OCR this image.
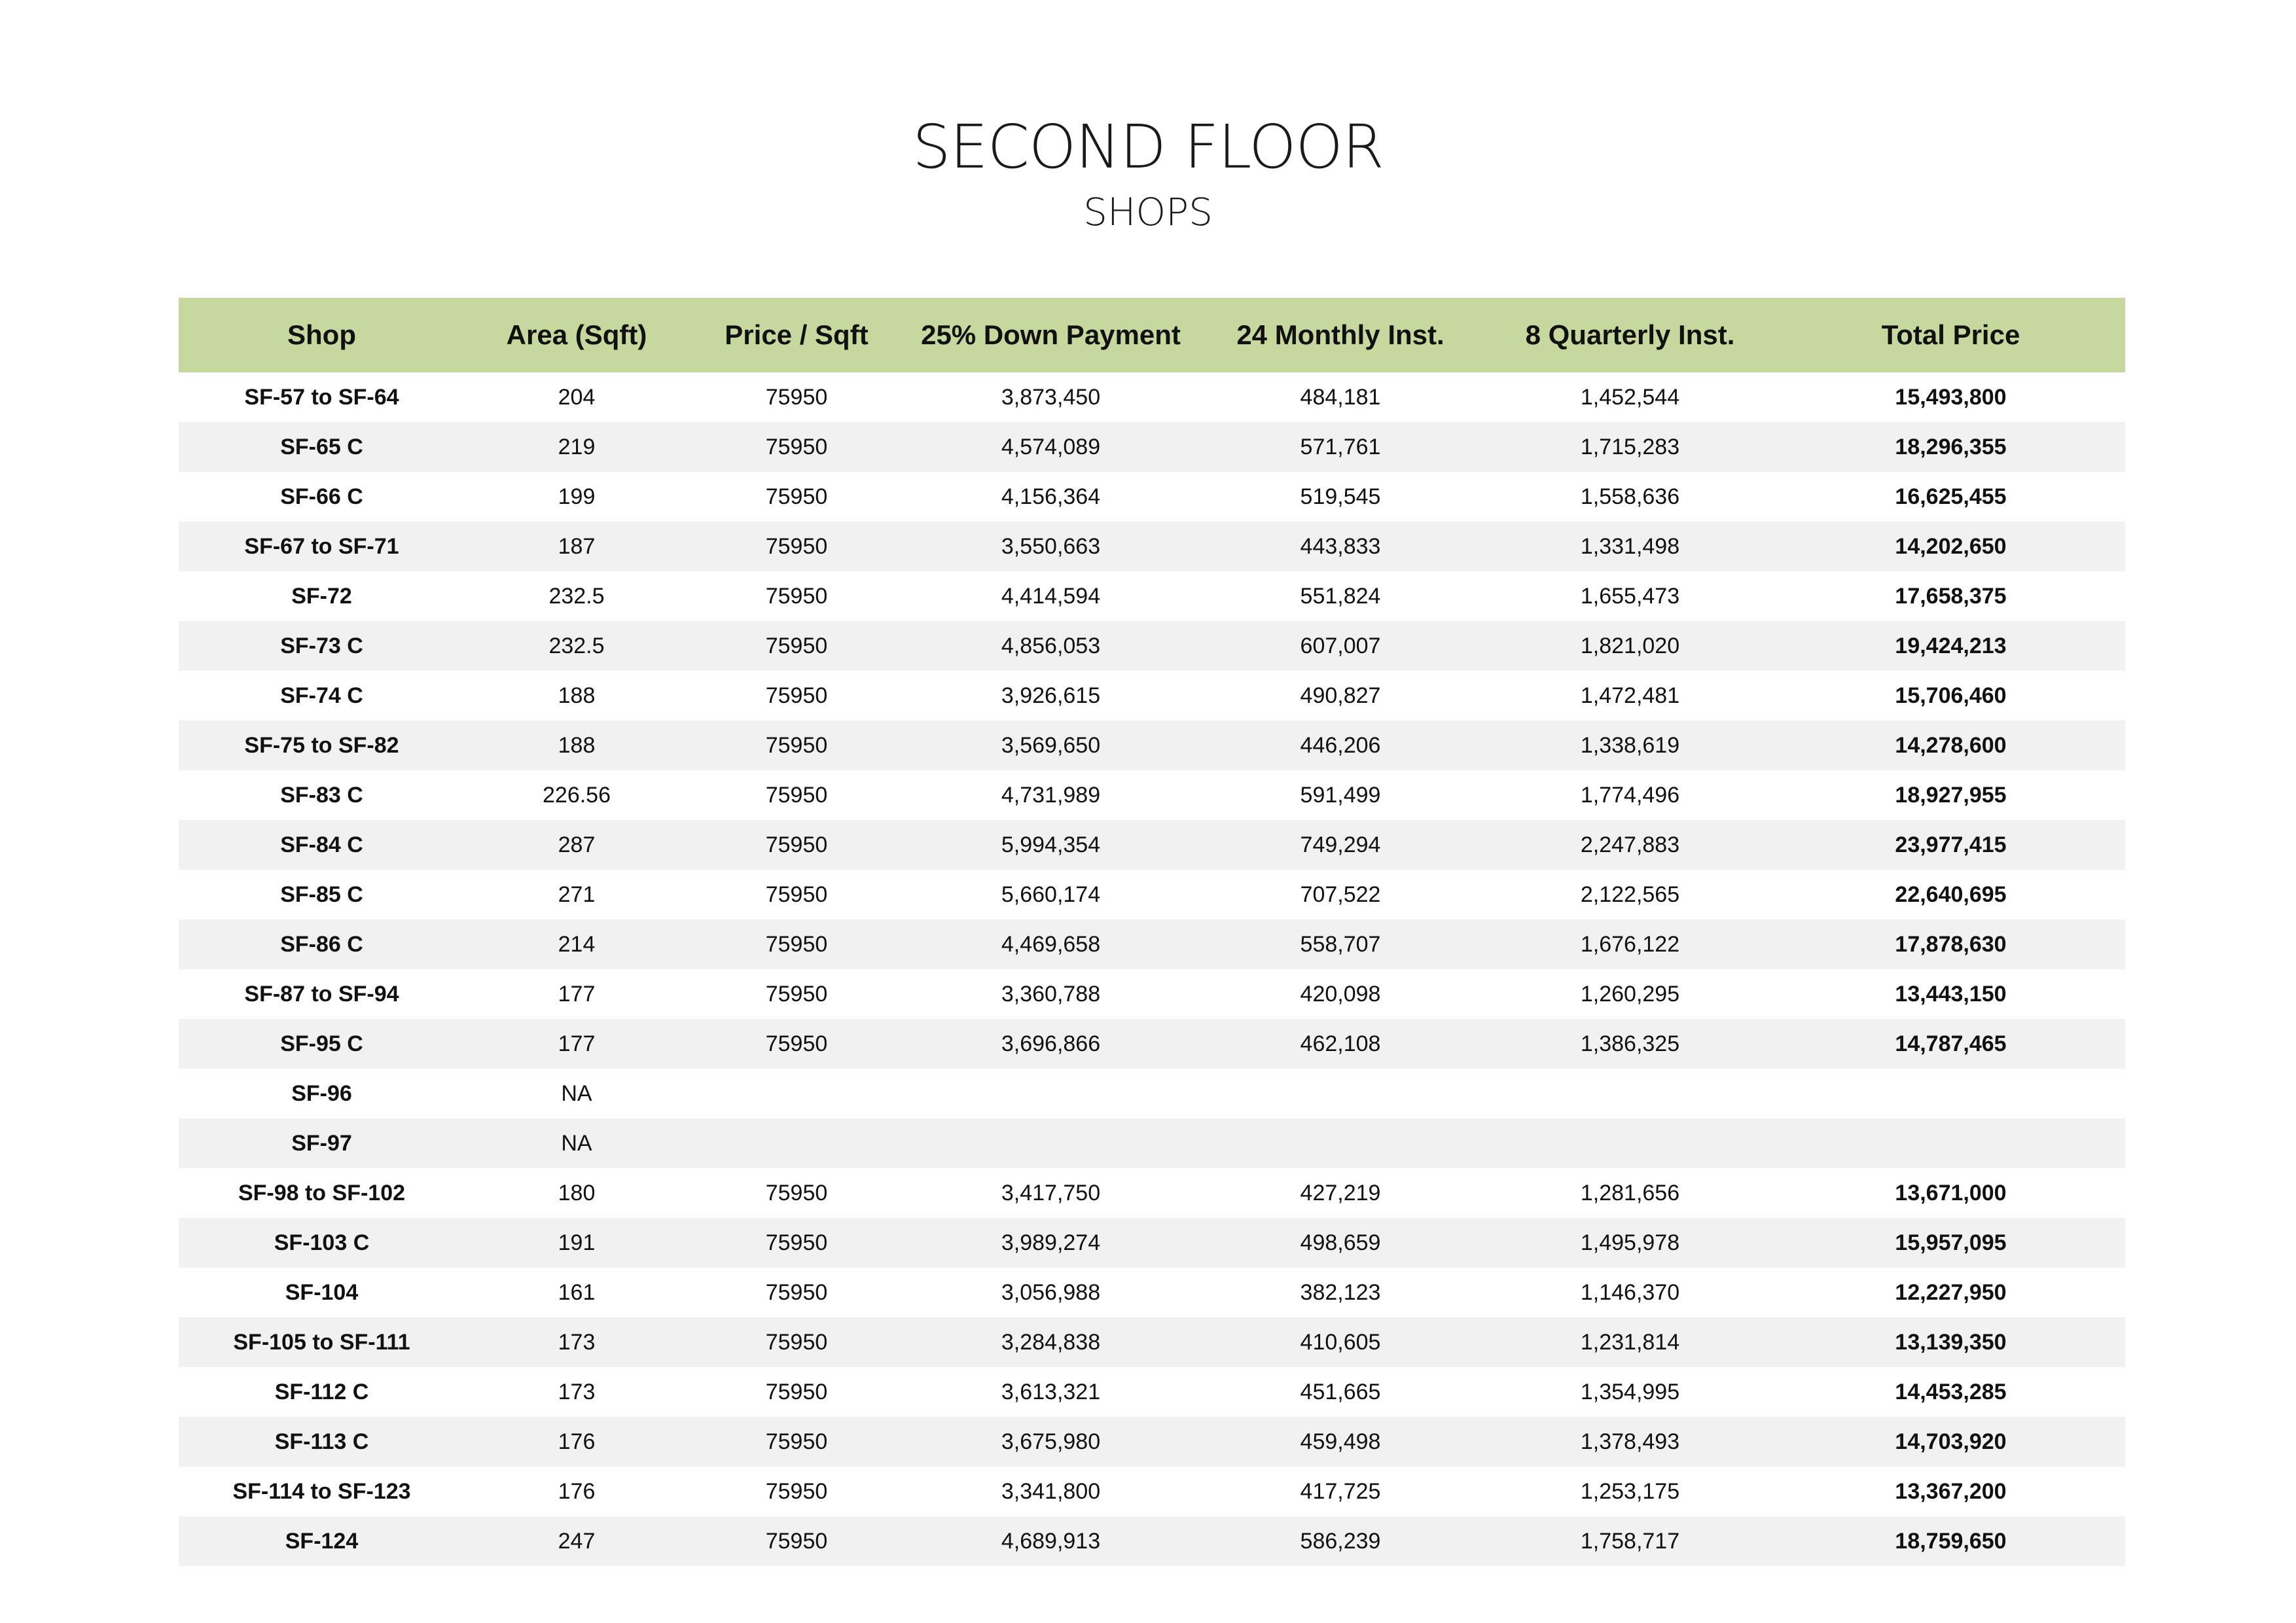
SECOND FLOOR
SHOPS
Shop	Area (Sqft)	Price / Sqft	25% Down Payment	24 Monthly Inst.	8 Quarterly Inst.	Total Price
SF-57 to SF-64	204	75950	3,873,450	484,181	1,452,544	15,493,800
SF-65 C	219	75950	4,574,089	571,761	1,715,283	18,296,355
SF-66 C	199	75950	4,156,364	519,545	1,558,636	16,625,455
SF-67 to SF-71	187	75950	3,550,663	443,833	1,331,498	14,202,650
SF-72	232.5	75950	4,414,594	551,824	1,655,473	17,658,375
SF-73 C	232.5	75950	4,856,053	607,007	1,821,020	19,424,213
SF-74 C	188	75950	3,926,615	490,827	1,472,481	15,706,460
SF-75 to SF-82	188	75950	3,569,650	446,206	1,338,619	14,278,600
SF-83 C	226.56	75950	4,731,989	591,499	1,774,496	18,927,955
SF-84 C	287	75950	5,994,354	749,294	2,247,883	23,977,415
SF-85 C	271	75950	5,660,174	707,522	2,122,565	22,640,695
SF-86 C	214	75950	4,469,658	558,707	1,676,122	17,878,630
SF-87 to SF-94	177	75950	3,360,788	420,098	1,260,295	13,443,150
SF-95 C	177	75950	3,696,866	462,108	1,386,325	14,787,465
SF-96	NA					
SF-97	NA					
SF-98 to SF-102	180	75950	3,417,750	427,219	1,281,656	13,671,000
SF-103 C	191	75950	3,989,274	498,659	1,495,978	15,957,095
SF-104	161	75950	3,056,988	382,123	1,146,370	12,227,950
SF-105 to SF-111	173	75950	3,284,838	410,605	1,231,814	13,139,350
SF-112 C	173	75950	3,613,321	451,665	1,354,995	14,453,285
SF-113 C	176	75950	3,675,980	459,498	1,378,493	14,703,920
SF-114 to SF-123	176	75950	3,341,800	417,725	1,253,175	13,367,200
SF-124	247	75950	4,689,913	586,239	1,758,717	18,759,650
